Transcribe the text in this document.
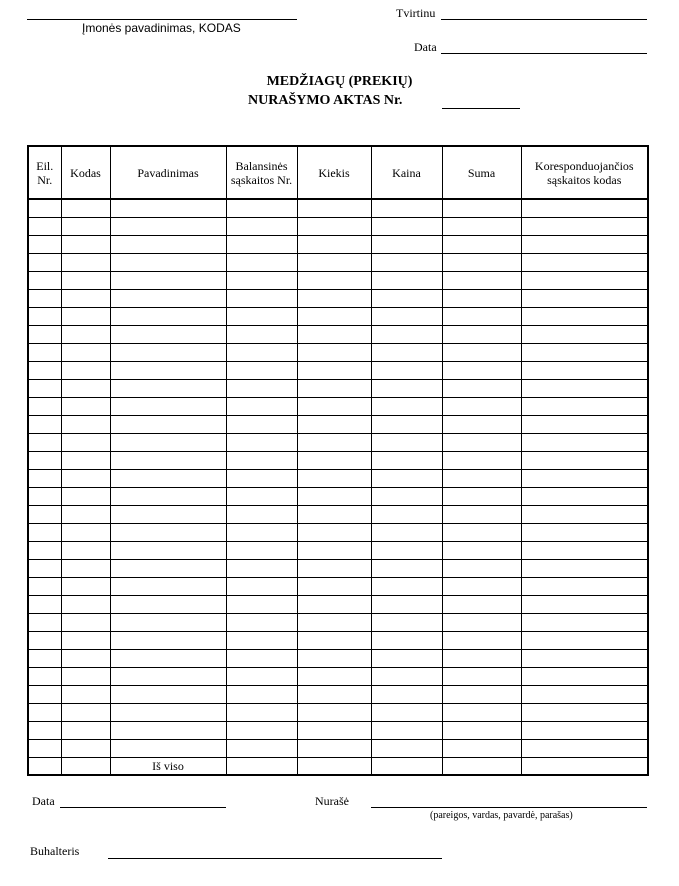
Įmonės pavadinimas, KODAS
Tvirtinu
Data
MEDŽIAGŲ (PREKIŲ)
NURAŠYMO AKTAS Nr.
Eil. Nr.	Kodas	Pavadinimas	Balansinės sąskaitos Nr.	Kiekis	Kaina	Suma	Koresponduojančios sąskaitos kodas

		Iš viso					
Data	Nurašė
(pareigos, vardas, pavardė, parašas)
Buhalteris
